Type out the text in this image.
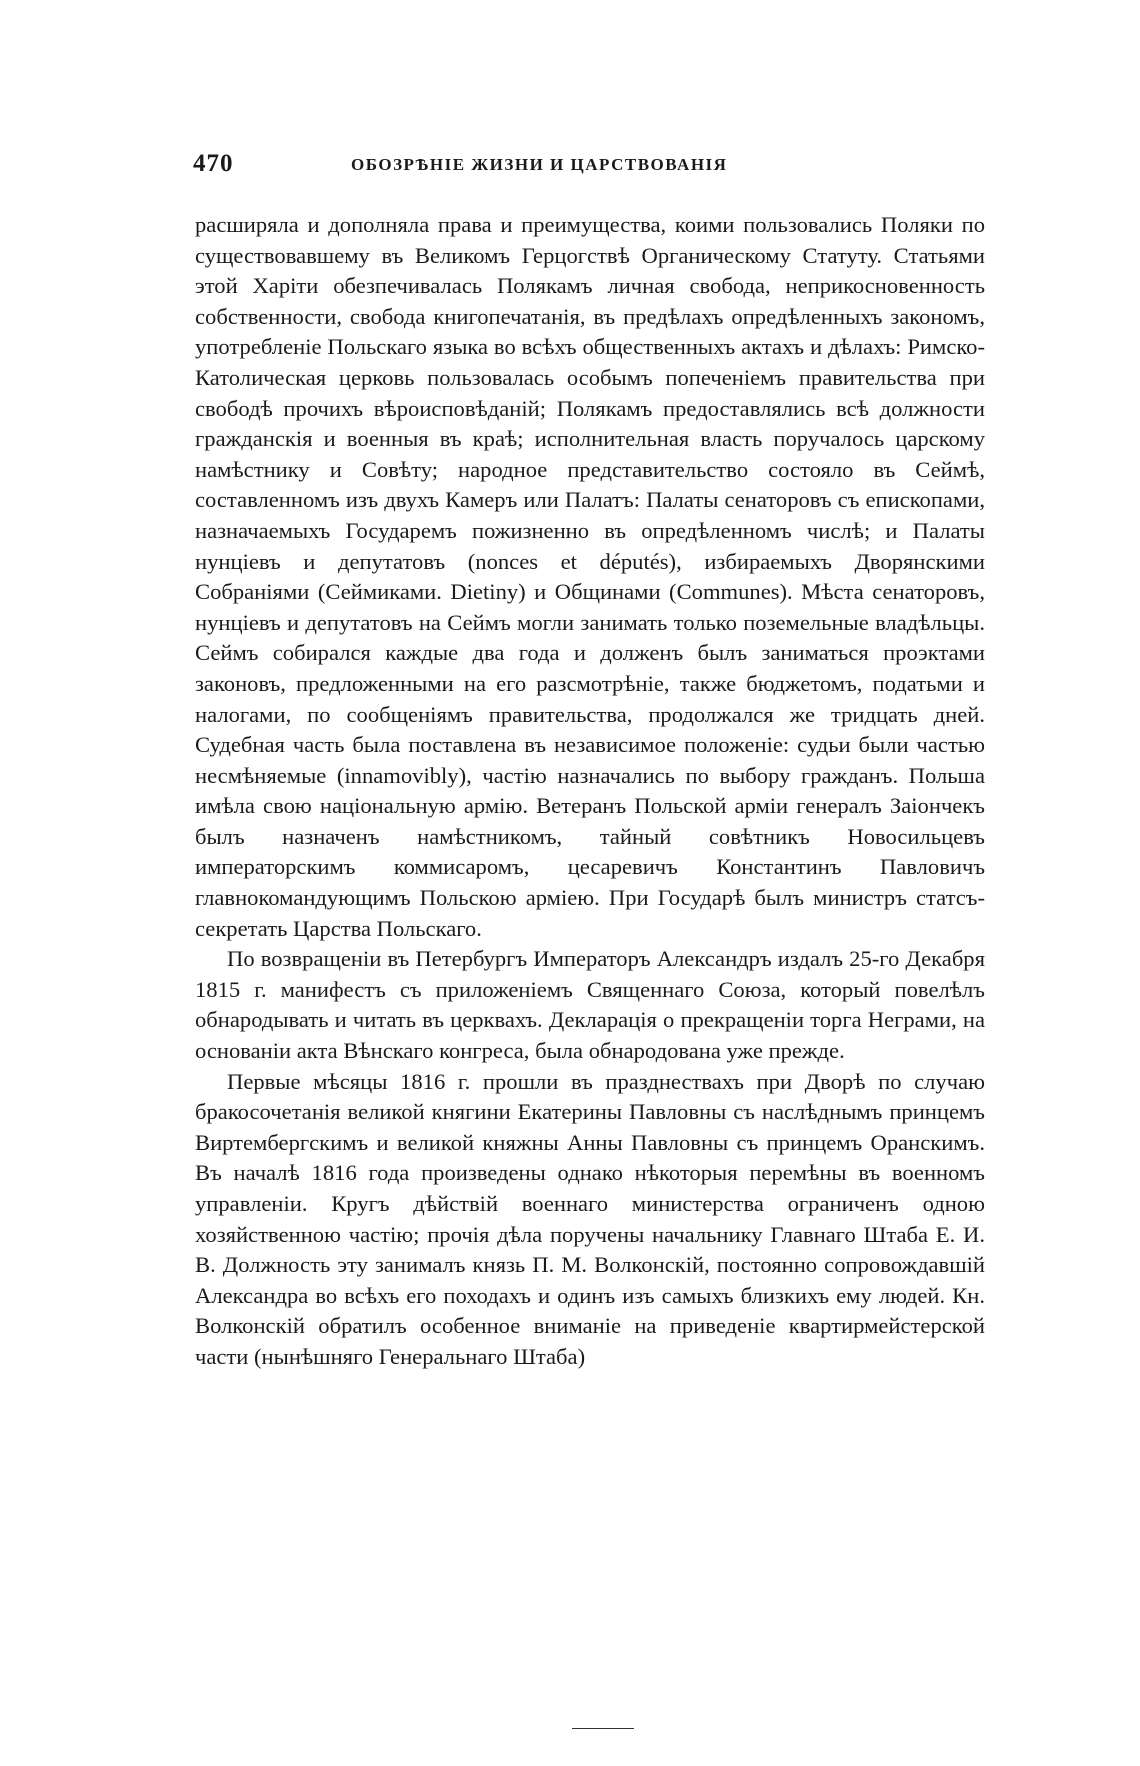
470	ОБОЗРѢНІЕ ЖИЗНИ И ЦАРСТВОВАНІЯ

расширяла и дополняла права и преимущества, коими пользовались Поляки по существовавшему въ Великомъ Герцогствѣ Органическому Статуту. Статьями этой Харіти обезпечивалась Полякамъ личная свобода, неприкосновенность собственности, свобода книгопечатанія, въ предѣлахъ опредѣленныхъ закономъ, употребленіе Польскаго языка во всѣхъ общественныхъ актахъ и дѣлахъ: Римско-Католическая церковь пользовалась особымъ попеченіемъ правительства при свободѣ прочихъ вѣроисповѣданій; Полякамъ предоставлялись всѣ должности гражданскія и военныя въ краѣ; исполнительная власть поручалось царскому намѣстнику и Совѣту; народное представительство состояло въ Сеймѣ, составленномъ изъ двухъ Камеръ или Палатъ: Палаты сенаторовъ съ епископами, назначаемыхъ Государемъ пожизненно въ опредѣленномъ числѣ; и Палаты нунціевъ и депутатовъ (nonces et députés), избираемыхъ Дворянскими Собраніями (Сеймиками. Dietiny) и Общинами (Communes). Мѣста сенаторовъ, нунціевъ и депутатовъ на Сеймъ могли занимать только поземельные владѣльцы. Сеймъ собирался каждые два года и долженъ былъ заниматься проэктами законовъ, предложенными на его разсмотрѣніе, также бюджетомъ, податьми и налогами, по сообщеніямъ правительства, продолжался же тридцать дней. Судебная часть была поставлена въ независимое положеніе: судьи были частью несмѣняемые (innamovibly), частію назначались по выбору гражданъ. Польша имѣла свою національную армію. Ветеранъ Польской арміи генералъ Заіончекъ былъ назначенъ намѣстникомъ, тайный совѣтникъ Новосильцевъ императорскимъ коммисаромъ, цесаревичъ Константинъ Павловичъ главнокомандующимъ Польскою арміею. При Государѣ былъ министръ статсъ-секретать Царства Польскаго.

По возвращеніи въ Петербургъ Императоръ Александръ издалъ 25-го Декабря 1815 г. манифестъ съ приложеніемъ Священнаго Союза, который повелѣлъ обнародывать и читать въ церквахъ. Декларація о прекращеніи торга Неграми, на основаніи акта Вѣнскаго конгреса, была обнародована уже прежде.

Первые мѣсяцы 1816 г. прошли въ празднествахъ при Дворѣ по случаю бракосочетанія великой княгини Екатерины Павловны съ наслѣднымъ принцемъ Виртембергскимъ и великой княжны Анны Павловны съ принцемъ Оранскимъ. Въ началѣ 1816 года произведены однако нѣкоторыя перемѣны въ военномъ управленіи. Кругъ дѣйствій военнаго министерства ограниченъ одною хозяйственною частію; прочія дѣла поручены начальнику Главнаго Штаба Е. И. В. Должность эту занималъ князь П. М. Волконскій, постоянно сопровождавшій Александра во всѣхъ его походахъ и одинъ изъ самыхъ близкихъ ему людей. Кн. Волконскій обратилъ особенное вниманіе на приведеніе квартирмейстерской части (нынѣшняго Генеральнаго Штаба)
